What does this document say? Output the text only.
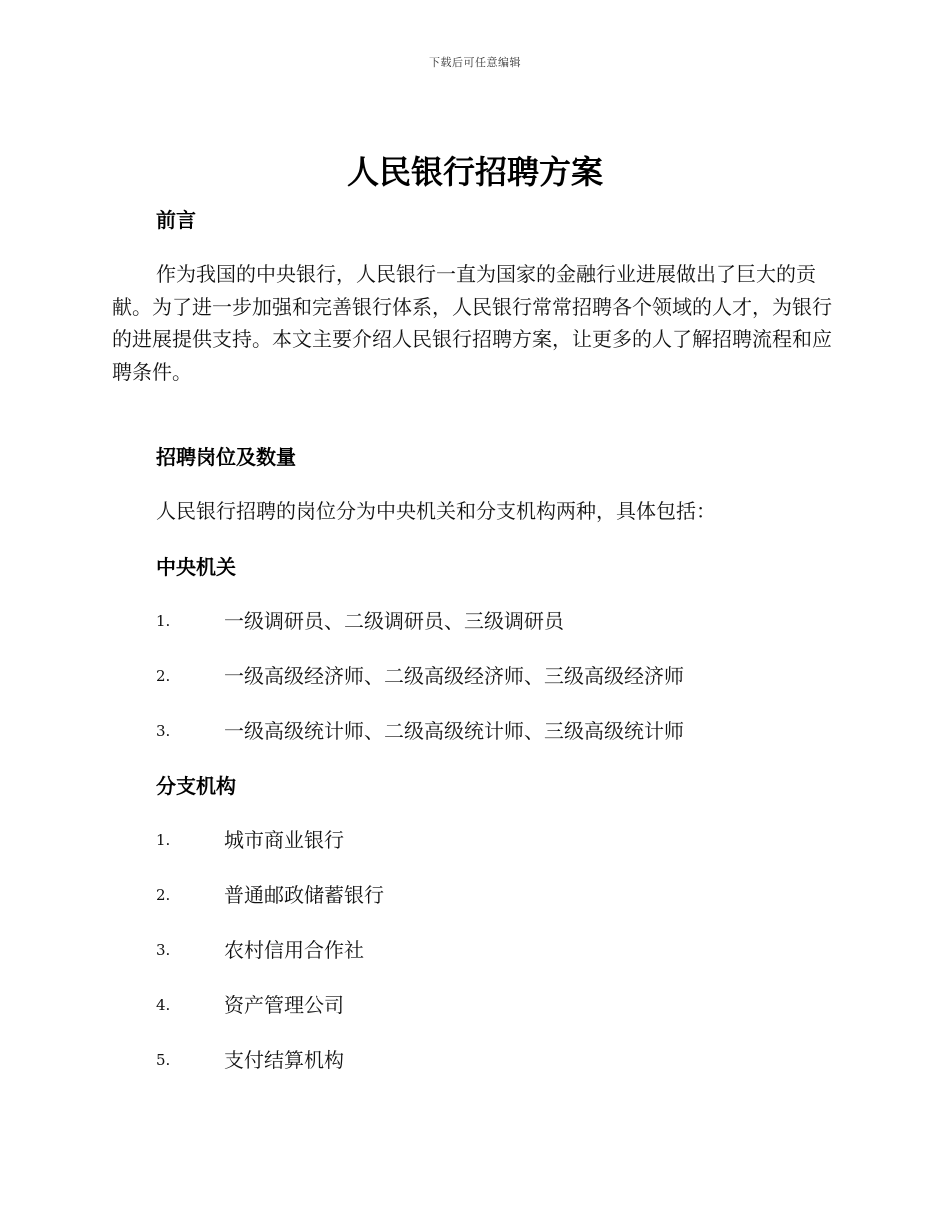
下载后可任意编辑
人民银行招聘方案
前言

作为我国的中央银行，人民银行一直为国家的金融行业进展做出了巨大的贡献。为了进一步加强和完善银行体系，人民银行常常招聘各个领域的人才，为银行的进展提供支持。本文主要介绍人民银行招聘方案，让更多的人了解招聘流程和应聘条件。

招聘岗位及数量

人民银行招聘的岗位分为中央机关和分支机构两种，具体包括：

中央机关
1.	一级调研员、二级调研员、三级调研员
2.	一级高级经济师、二级高级经济师、三级高级经济师
3.	一级高级统计师、二级高级统计师、三级高级统计师
分支机构
1.	城市商业银行
2.	普通邮政储蓄银行
3.	农村信用合作社
4.	资产管理公司
5.	支付结算机构
